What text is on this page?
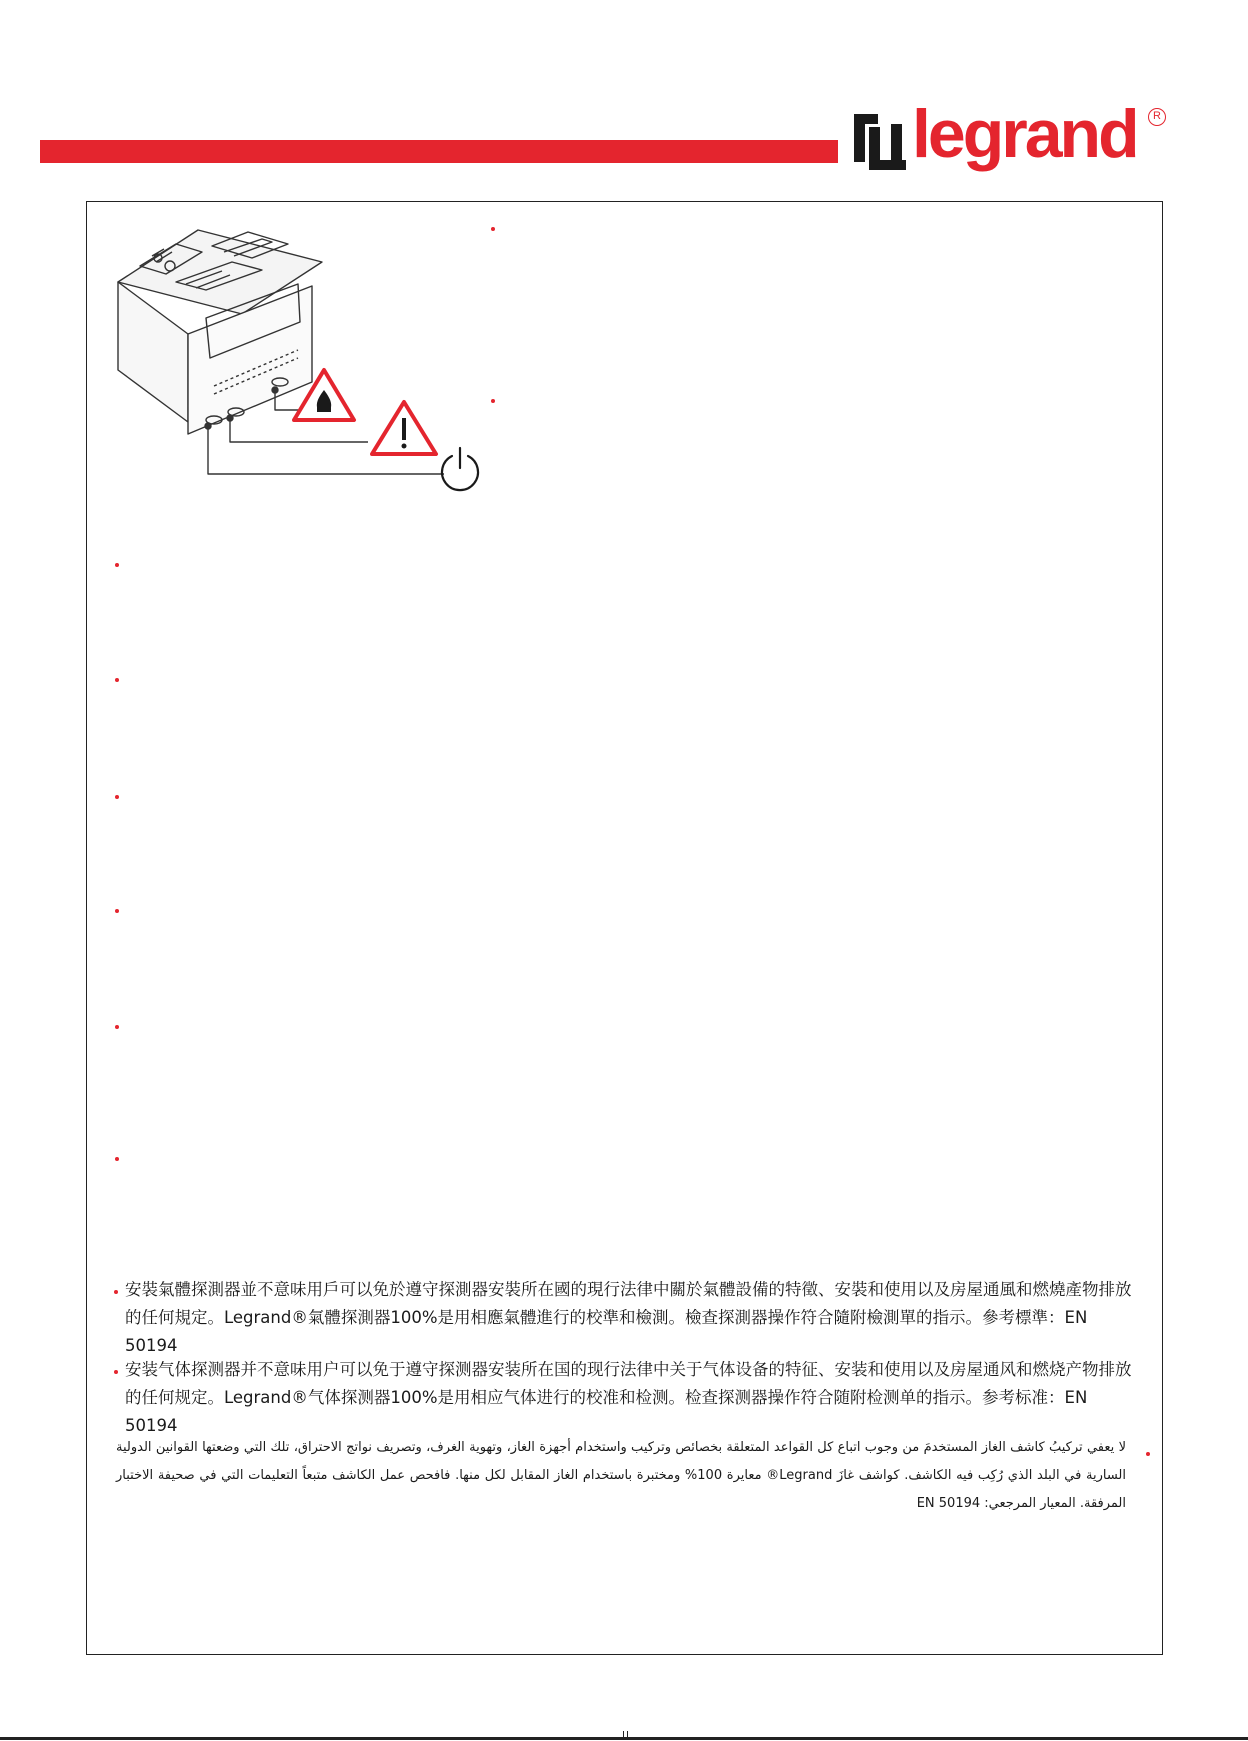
legrand	R
安裝氣體探測器並不意味用戶可以免於遵守探測器安裝所在國的現行法律中關於氣體設備的特徵、安裝和使用以及房屋通風和燃燒產物排放的任何規定。Legrand®氣體探測器100%是用相應氣體進行的校準和檢測。檢查探測器操作符合隨附檢測單的指示。參考標準：EN 50194
安装气体探测器并不意味用户可以免于遵守探测器安装所在国的现行法律中关于气体设备的特征、安装和使用以及房屋通风和燃烧产物排放的任何规定。Legrand®气体探测器100%是用相应气体进行的校准和检测。检查探测器操作符合随附检测单的指示。参考标准：EN 50194
لا يعفي تركيبُ كاشف الغاز المستخدمَ من وجوب اتباع كل القواعد المتعلقة بخصائص وتركيب واستخدام أجهزة الغاز، وتهوية الغرف، وتصريف نواتج الاحتراق، تلك التي وضعتها القوانين الدولية السارية في البلد الذي رُكِب فيه الكاشف. كواشف غازَ Legrand® معايرة 100% ومختبرة باستخدام الغاز المقابل لكل منها. فافحص عمل الكاشف متبعاً التعليمات التي في صحيفة الاختبار المرفقة. المعيار المرجعي: EN 50194
